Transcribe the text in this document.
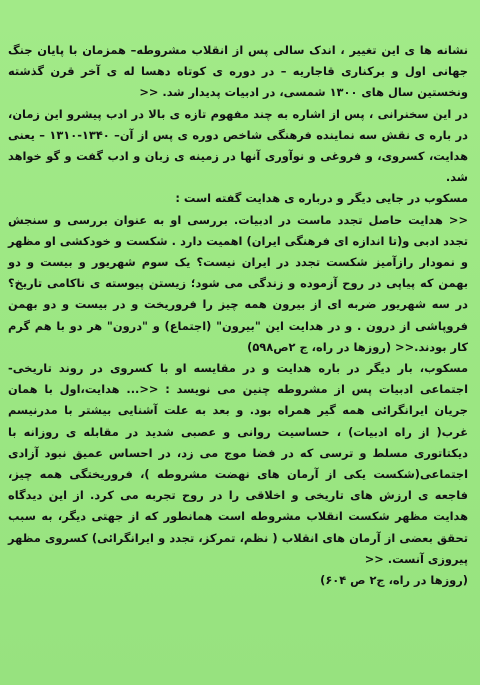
نشانه ها ی این تغییر ، اندک سالی پس از انقلاب مشروطه– همزمان با پایان جنگ جهانی اول و برکناری قاجاریه – در دوره ی کوتاه دهسا له ی آخر قرن گذشته ونخستین سال های ۱۳۰۰ شمسی، در ادبیات پدیدار شد. <<

در این سخنرانی ، پس از اشاره به چند مفهوم تازه ی بالا در ادب پیشرو این زمان، در باره ی نقش سه نماینده فرهنگی شاخص دوره ی پس از آن– ۱۳۴۰-۱۳۱۰ – یعنی هدایت، کسروی، و فروغی و نوآوری آنها در زمینه ی زبان و ادب گفت و گو خواهد شد.

مسکوب در جایی دیگر و درباره ی هدایت گفته است :

<< هدایت حاصل تجدد ماست در ادبیات. بررسی او به عنوان بررسی و سنجش تجدد ادبی و(تا اندازه ای فرهنگی ایران) اهمیت دارد . شکست و خودکشی او مظهر و نمودار رازآمیز شکست تجدد در ایران نیست؟ یک سوم شهریور و بیست و دو بهمن که پیاپی در روح آزموده و زندگی می شود؛ زیستن پیوسته ی ناکامی تاریخ؟ در سه شهریور ضربه ای از بیرون همه چیز را فروریخت و در بیست و دو بهمن فروپاشی از درون . و در هدایت این "بیرون" (اجتماع) و "درون" هر دو با هم گرم کار بودند.<< (روزها در راه، ج ۲ص۵۹۸)

مسکوب، بار دیگر در باره هدایت و در مقایسه او با کسروی در روند تاریخی- اجتماعی ادبیات پس از مشروطه چنین می نویسد : <<... هدایت،اول با همان جریان ایرانگرائی همه گیر همراه بود. و بعد به علت آشنایی بیشتر با مدرنیسم غرب( از راه ادبیات) ، حساسیت روانی و عصبی شدید در مقابله ی روزانه با دیکتاتوری مسلط و ترسی که در فضا موج می زد، در احساس عمیق نبود آزادی اجتماعی(شکست یکی از آرمان های نهضت مشروطه )، فروریختگی همه چیز، فاجعه ی ارزش های تاریخی و اخلاقی را در روح تجربه می کرد. از این دیدگاه هدایت مظهر شکست انقلاب مشروطه است همانطور که از جهتی دیگر، به سبب تحقق بعضی از آرمان های انقلاب ( نظم، تمرکز، تجدد و ایرانگرائی) کسروی مظهر پیروزی آنست. <<

(روزها در راه، ج۲ ص ۶۰۴)
